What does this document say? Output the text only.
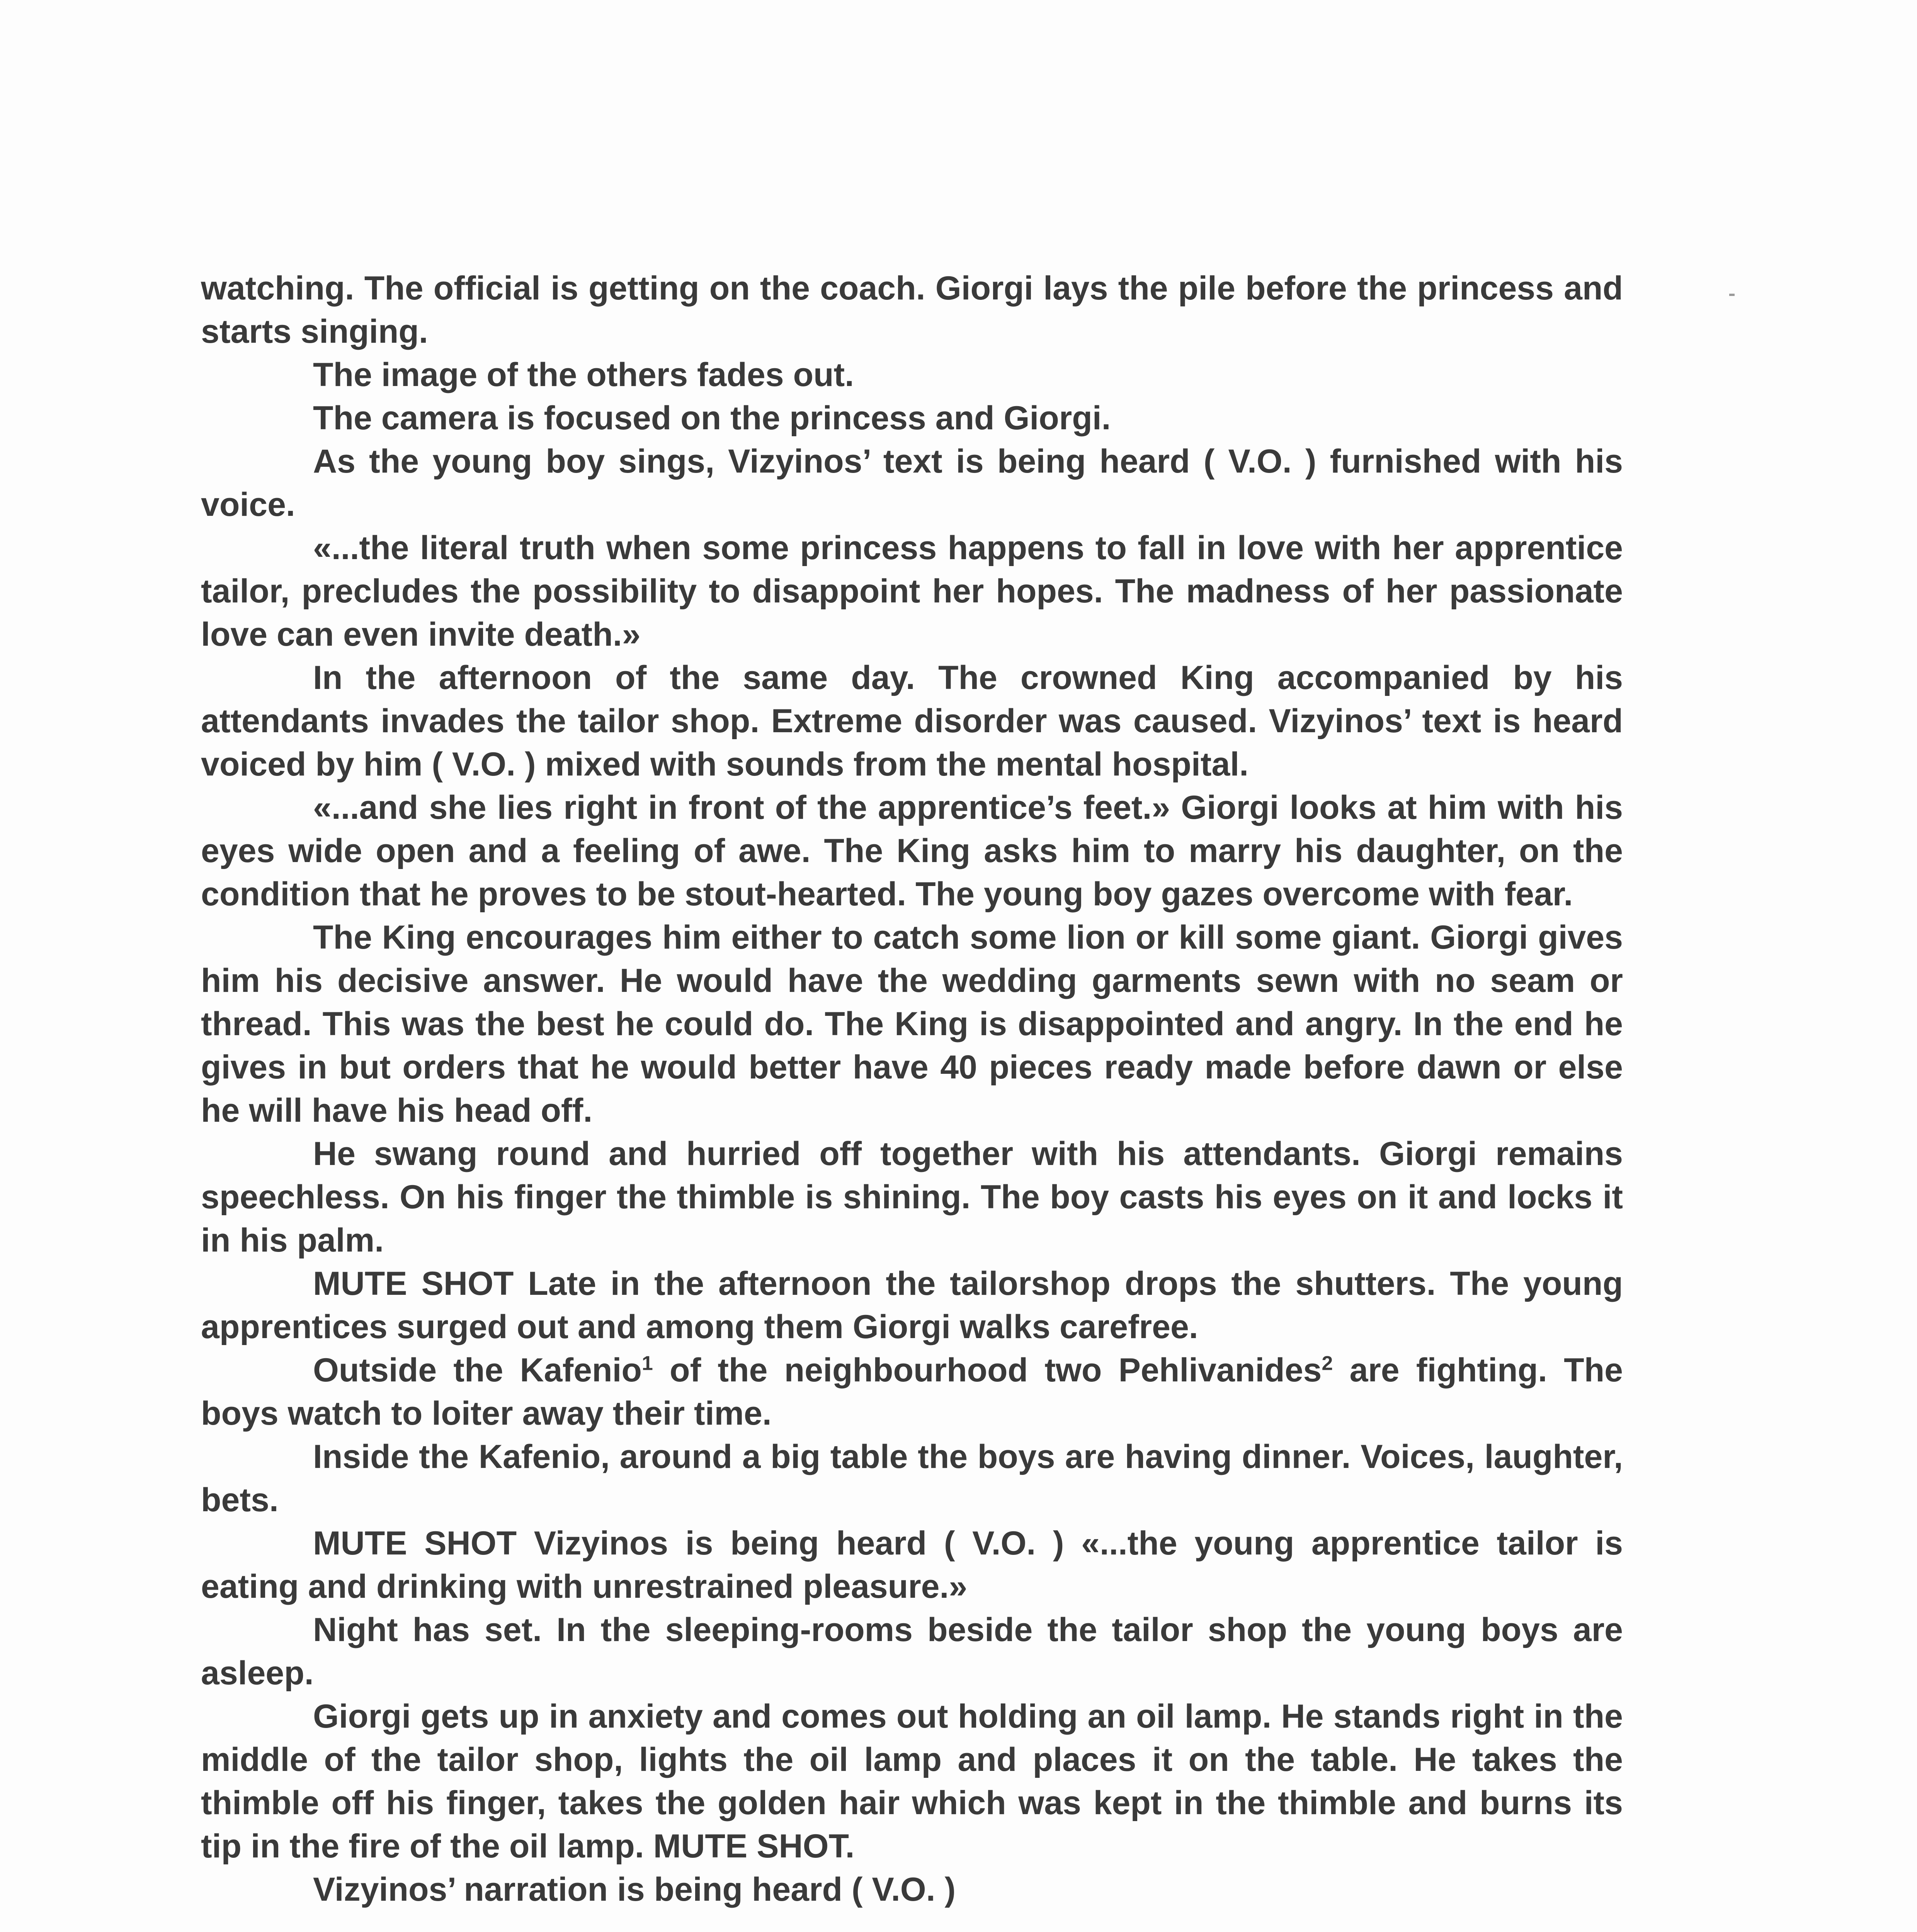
watching. The official is getting on the coach. Giorgi lays the pile before the princess and starts singing.

The image of the others fades out.

The camera is focused on the princess and Giorgi.

As the young boy sings, Vizyinos’ text is being heard ( V.O. ) furnished with his voice.

«...the literal truth when some princess happens to fall in love with her apprentice tailor, precludes the possibility to disappoint her hopes. The madness of her passionate love can even invite death.»

In the afternoon of the same day. The crowned King accompanied by his attendants invades the tailor shop. Extreme disorder was caused. Vizyinos’ text is heard voiced by him ( V.O. ) mixed with sounds from the mental hospital.

«...and she lies right in front of the apprentice’s feet.» Giorgi looks at him with his eyes wide open and a feeling of awe. The King asks him to marry his daughter, on the condition that he proves to be stout-hearted. The young boy gazes overcome with fear.

The King encourages him either to catch some lion or kill some giant. Giorgi gives him his decisive answer. He would have the wedding garments sewn with no seam or thread. This was the best he could do. The King is disappointed and angry. In the end he gives in but orders that he would better have 40 pieces ready made before dawn or else he will have his head off.

He swang round and hurried off together with his attendants. Giorgi remains speechless. On his finger the thimble is shining. The boy casts his eyes on it and locks it in his palm.

MUTE SHOT Late in the afternoon the tailorshop drops the shutters. The young apprentices surged out and among them Giorgi walks carefree.

Outside the Kafenio$^1$ of the neighbourhood two Pehlivanides$^2$ are fighting. The boys watch to loiter away their time.

Inside the Kafenio, around a big table the boys are having dinner. Voices, laughter, bets.

MUTE SHOT Vizyinos is being heard ( V.O. ) «...the young apprentice tailor is eating and drinking with unrestrained pleasure.»

Night has set. In the sleeping-rooms beside the tailor shop the young boys are asleep.

Giorgi gets up in anxiety and comes out holding an oil lamp. He stands right in the middle of the tailor shop, lights the oil lamp and places it on the table. He takes the thimble off his finger, takes the golden hair which was kept in the thimble and burns its tip in the fire of the oil lamp. MUTE SHOT.

Vizyinos’ narration is being heard ( V.O. )
